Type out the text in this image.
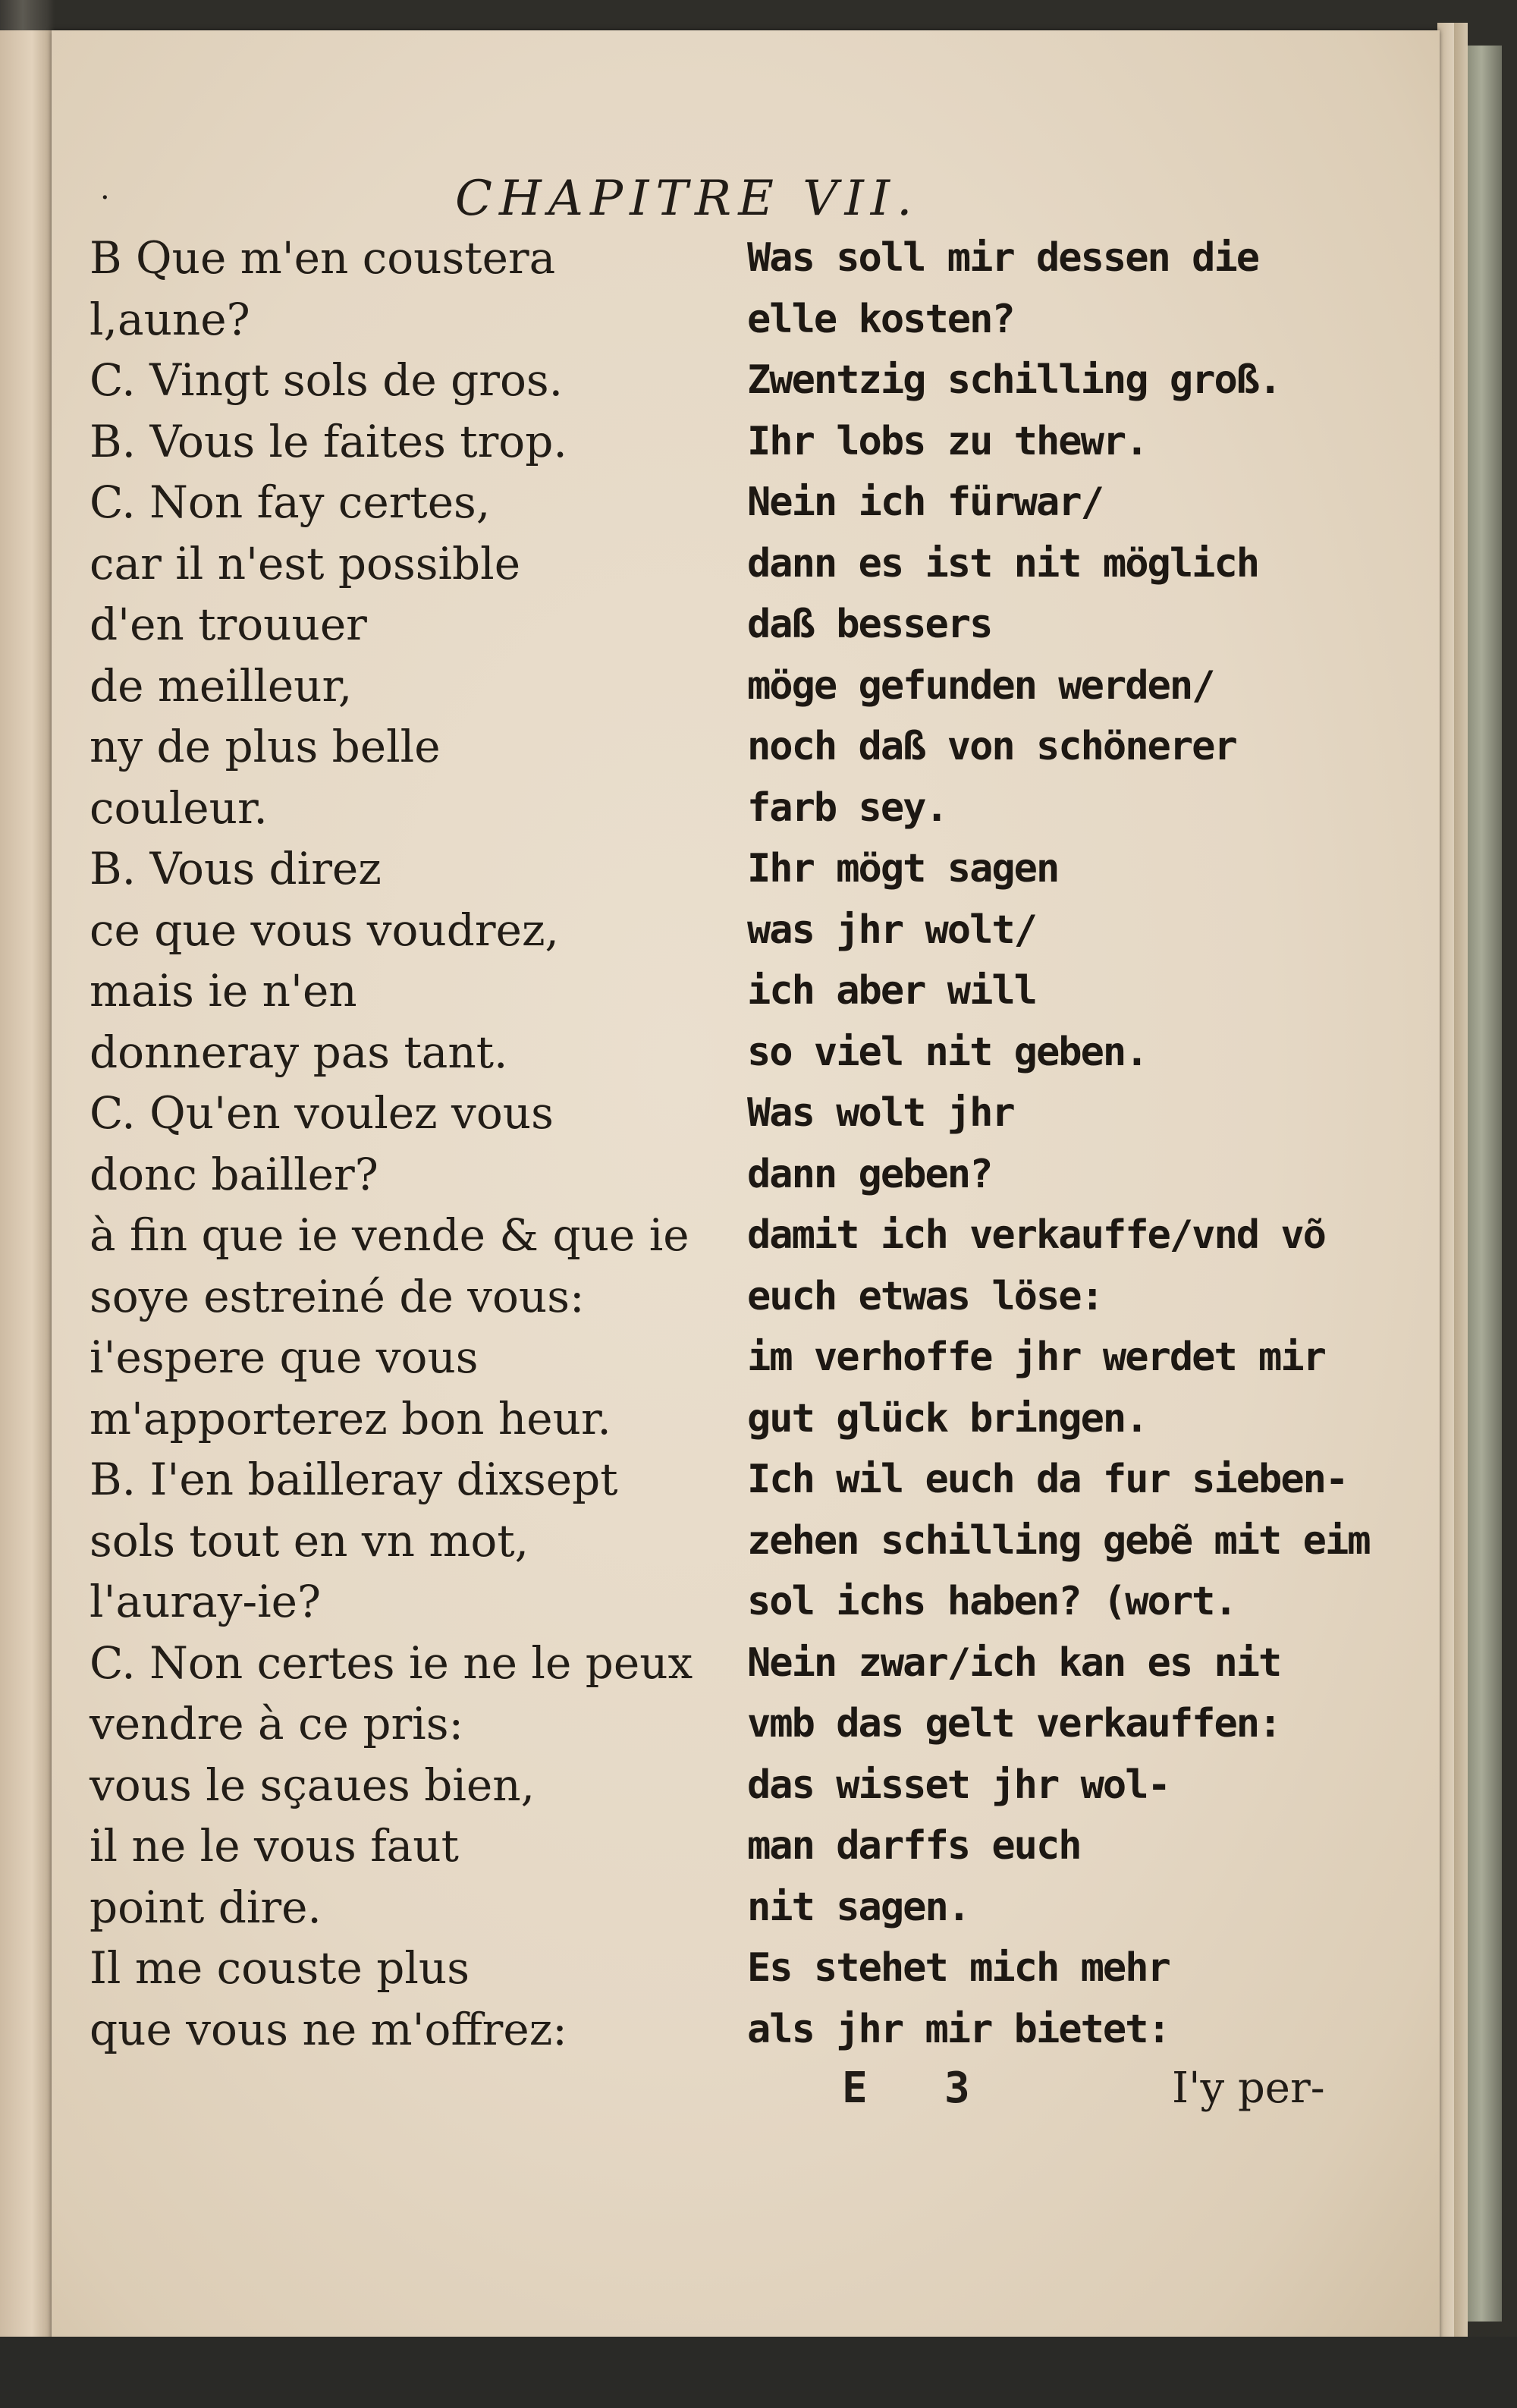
·	CHAPITRE VII.
B Que m'en coustera
l,aune?
C. Vingt sols de gros.
B. Vous le faites trop.
C. Non fay certes,
car il n'est possible
d'en trouuer
de meilleur,
ny de plus belle
couleur.
B. Vous direz
ce que vous voudrez,
mais ie n'en
donneray pas tant.
C. Qu'en voulez vous
donc bailler?
à fin que ie vende & que ie
soye estreiné de vous:
i'espere que vous
m'apporterez bon heur.
B. I'en bailleray dixsept
sols tout en vn mot,
l'auray-ie?
C. Non certes ie ne le peux
vendre à ce pris:
vous le sçaues bien,
il ne le vous faut
point dire.
Il me couste plus
que vous ne m'offrez:
Was soll mir dessen die
elle kosten?
Zwentzig schilling groß.
Ihr lobs zu thewr.
Nein ich fürwar/
dann es ist nit möglich
daß bessers
möge gefunden werden/
noch daß von schönerer
farb sey.
Ihr mögt sagen
was jhr wolt/
ich aber will
so viel nit geben.
Was wolt jhr
dann geben?
damit ich verkauffe/vnd võ
euch etwas löse:
im verhoffe jhr werdet mir
gut glück bringen.
Ich wil euch da fur sieben-
zehen schilling gebẽ mit eim
sol ichs haben? (wort.
Nein zwar/ich kan es nit
vmb das gelt verkauffen:
das wisset jhr wol-
man darffs euch
nit sagen.
Es stehet mich mehr
als jhr mir bietet:
E 3	I'y per-
